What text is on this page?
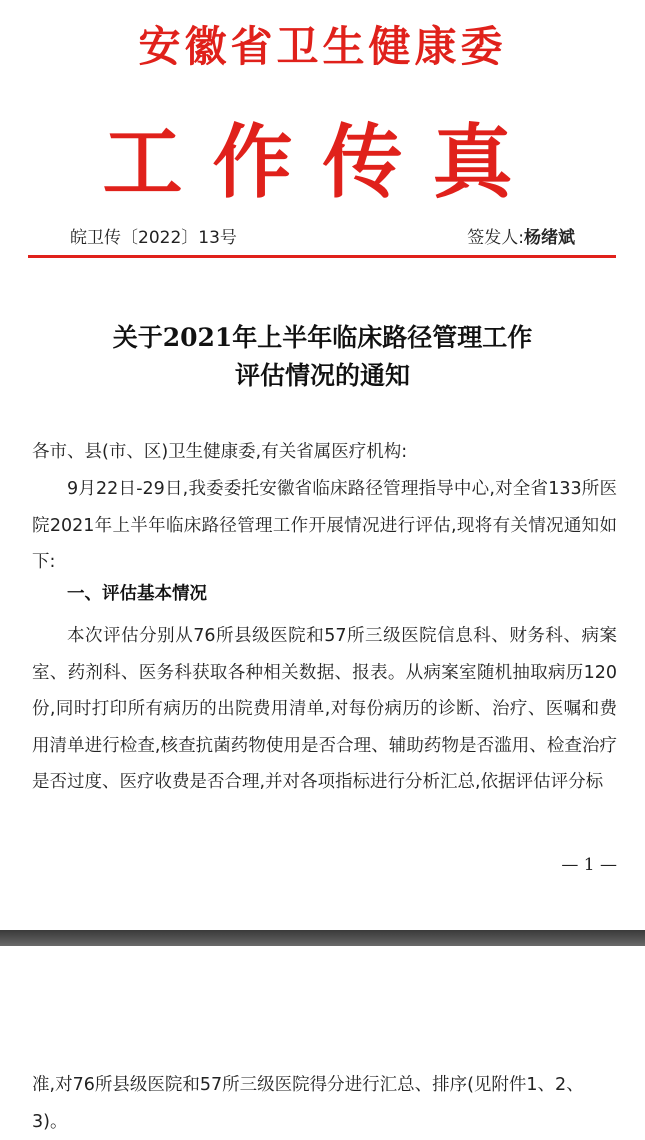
安徽省卫生健康委
工作传真
皖卫传〔2022〕13号	签发人:杨绪斌
关于2021年上半年临床路径管理工作
评估情况的通知
各市、县(市、区)卫生健康委,有关省属医疗机构:
9月22日-29日,我委委托安徽省临床路径管理指导中心,对全省133所医院2021年上半年临床路径管理工作开展情况进行评估,现将有关情况通知如下:
一、评估基本情况
本次评估分别从76所县级医院和57所三级医院信息科、财务科、病案室、药剂科、医务科获取各种相关数据、报表。从病案室随机抽取病历120份,同时打印所有病历的出院费用清单,对每份病历的诊断、治疗、医嘱和费用清单进行检查,核查抗菌药物使用是否合理、辅助药物是否滥用、检查治疗是否过度、医疗收费是否合理,并对各项指标进行分析汇总,依据评估评分标
— 1 —
准,对76所县级医院和57所三级医院得分进行汇总、排序(见附件1、2、3)。
